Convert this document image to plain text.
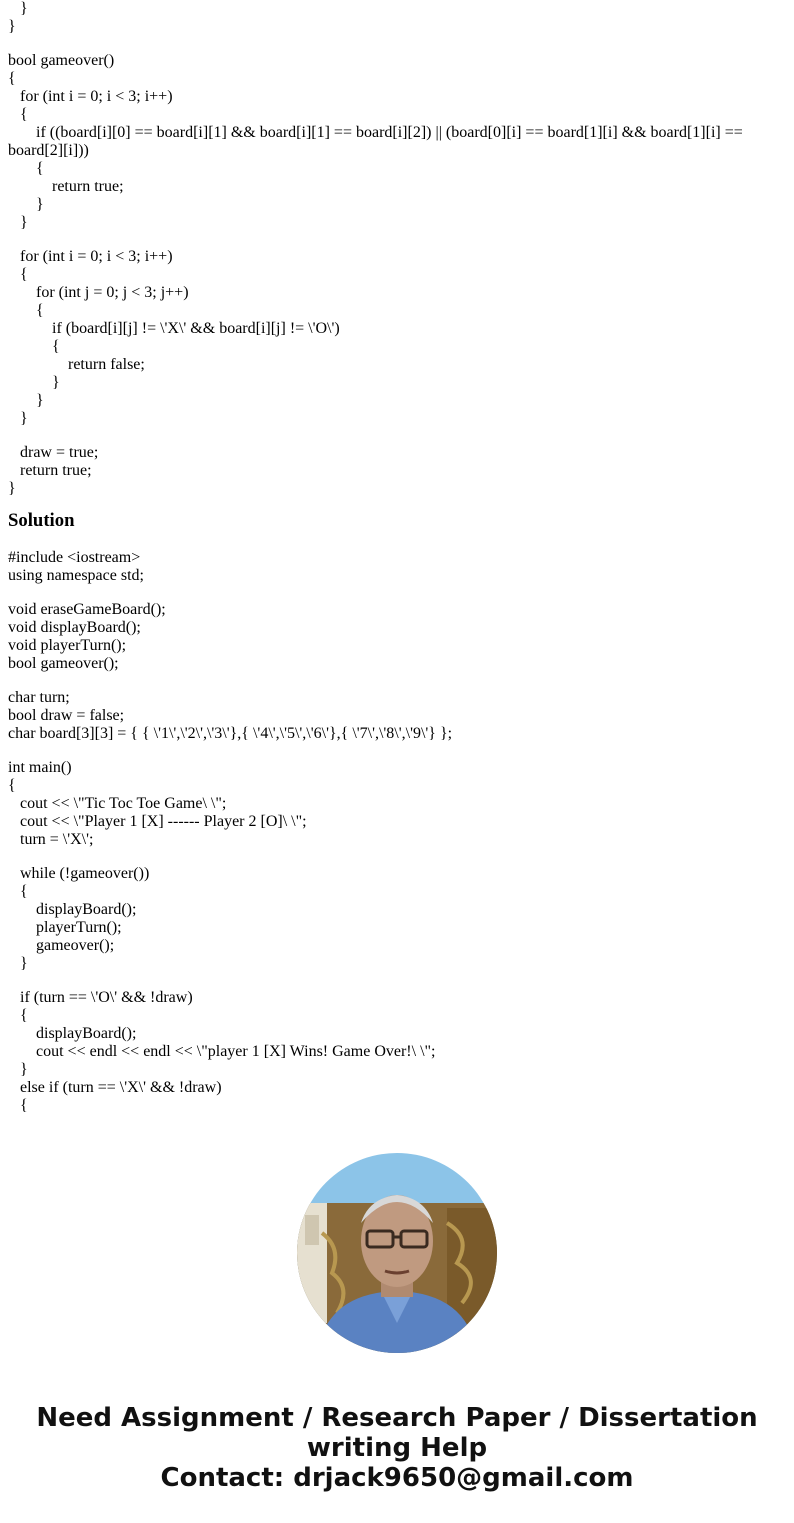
}
}
bool gameover()
{
for (int i = 0; i < 3; i++)
{
if ((board[i][0] == board[i][1] && board[i][1] == board[i][2]) || (board[0][i] == board[1][i] && board[1][i] == board[2][i]))
{
return true;
}
}
for (int i = 0; i < 3; i++)
{
for (int j = 0; j < 3; j++)
{
if (board[i][j] != \'X\' && board[i][j] != \'O\')
{
return false;
}
}
}
draw = true;
return true;
}
Solution
#include <iostream>
using namespace std;
void eraseGameBoard();
void displayBoard();
void playerTurn();
bool gameover();
char turn;
bool draw = false;
char board[3][3] = { { \'1\',\'2\',\'3\'},{ \'4\',\'5\',\'6\'},{ \'7\',\'8\',\'9\'} };
int main()
{
cout << \"Tic Toc Toe Game\ \";
cout << \"Player 1 [X] ------ Player 2 [O]\ \";
turn = \'X\';
while (!gameover())
{
displayBoard();
playerTurn();
gameover();
}
if (turn == \'O\' && !draw)
{
displayBoard();
cout << endl << endl << \"player 1 [X] Wins! Game Over!\ \";
}
else if (turn == \'X\' && !draw)
{
Need Assignment / Research Paper / Dissertation
writing Help
Contact: drjack9650@gmail.com
